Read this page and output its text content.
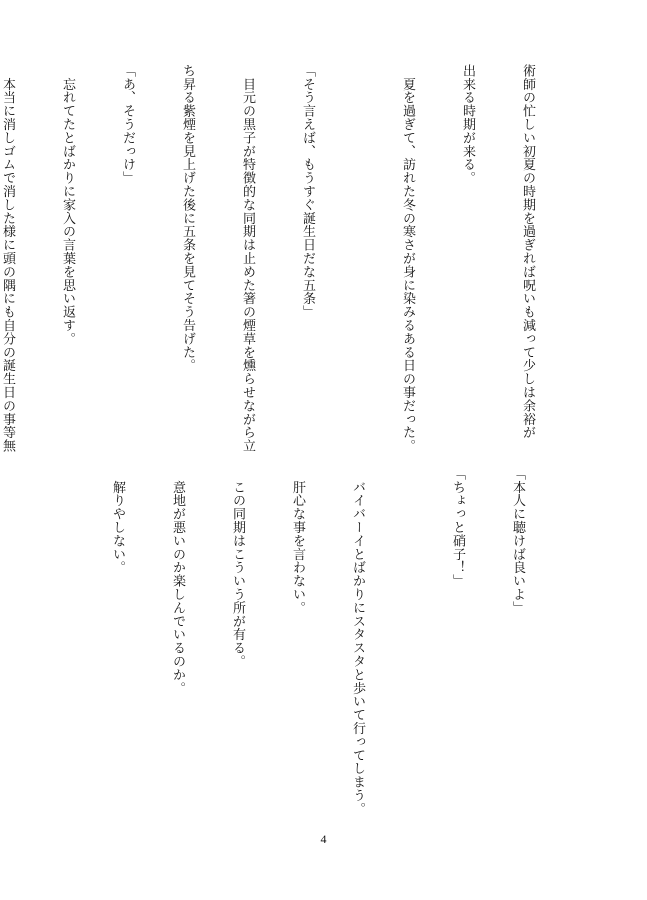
術師の忙しい初夏の時期を過ぎれば呪いも減って少しは余裕が

出来る時期が来る。

　夏を過ぎて、訪れた冬の寒さが身に染みるある日の事だった。

「そう言えば、もうすぐ誕生日だな五条」

　目元の黒子が特徴的な同期は止めた箸の煙草を燻らせながら立

ち昇る紫煙を見上げた後に五条を見てそう告げた。

「あ、そうだっけ」

　忘れてたとばかりに家入の言葉を思い返す。

　本当に消しゴムで消した様に頭の隅にも自分の誕生日の事等無

「本人に聴けば良いよ」

「ちょっと硝子！」

　バイバーイとばかりにスタスタと歩いて行ってしまう。

　肝心な事を言わない。

　この同期はこういう所が有る。

　意地が悪いのか楽しんでいるのか。

　解りやしない。

4
